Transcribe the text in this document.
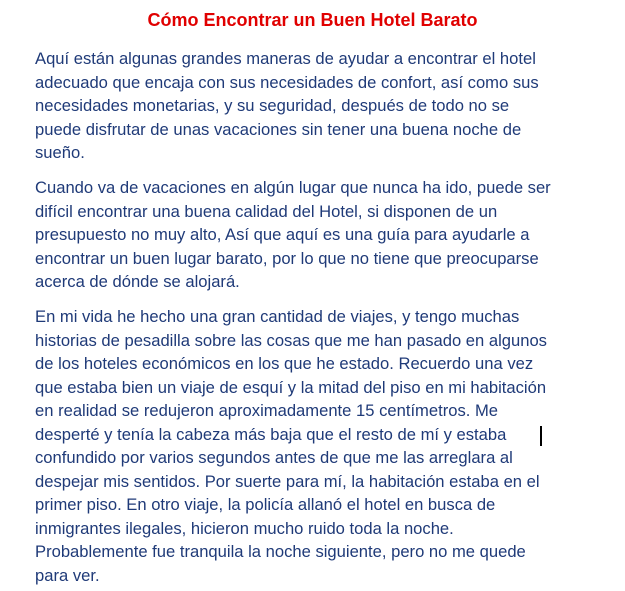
Cómo Encontrar un Buen Hotel Barato

Aquí están algunas grandes maneras de ayudar a encontrar el hotel
adecuado que encaja con sus necesidades de confort, así como sus
necesidades monetarias, y su seguridad, después de todo no se
puede disfrutar de unas vacaciones sin tener una buena noche de
sueño.

Cuando va de vacaciones en algún lugar que nunca ha ido, puede ser
difícil encontrar una buena calidad del Hotel, si disponen de un
presupuesto no muy alto, Así que aquí es una guía para ayudarle a
encontrar un buen lugar barato, por lo que no tiene que preocuparse
acerca de dónde se alojará.

En mi vida he hecho una gran cantidad de viajes, y tengo muchas
historias de pesadilla sobre las cosas que me han pasado en algunos
de los hoteles económicos en los que he estado. Recuerdo una vez
que estaba bien un viaje de esquí y la mitad del piso en mi habitación
en realidad se redujeron aproximadamente 15 centímetros. Me
desperté y tenía la cabeza más baja que el resto de mí y estaba
confundido por varios segundos antes de que me las arreglara al
despejar mis sentidos. Por suerte para mí, la habitación estaba en el
primer piso. En otro viaje, la policía allanó el hotel en busca de
inmigrantes ilegales, hicieron mucho ruido toda la noche.
Probablemente fue tranquila la noche siguiente, pero no me quede
para ver.
